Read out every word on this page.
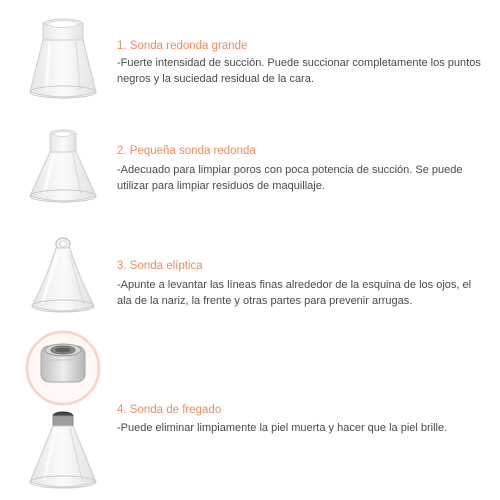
1. Sonda redonda grande
-Fuerte intensidad de succión. Puede succionar completamente los puntos negros y la suciedad residual de la cara.
2. Pequeña sonda redonda
-Adecuado para limpiar poros con poca potencia de succión. Se puede utilizar para limpiar residuos de maquillaje.
3. Sonda elíptica
-Apunte a levantar las líneas finas alrededor de la esquina de los ojos, el ala de la nariz, la frente y otras partes para prevenir arrugas.
4. Sonda de fregado
-Puede eliminar limpiamente la piel muerta y hacer que la piel brille.
